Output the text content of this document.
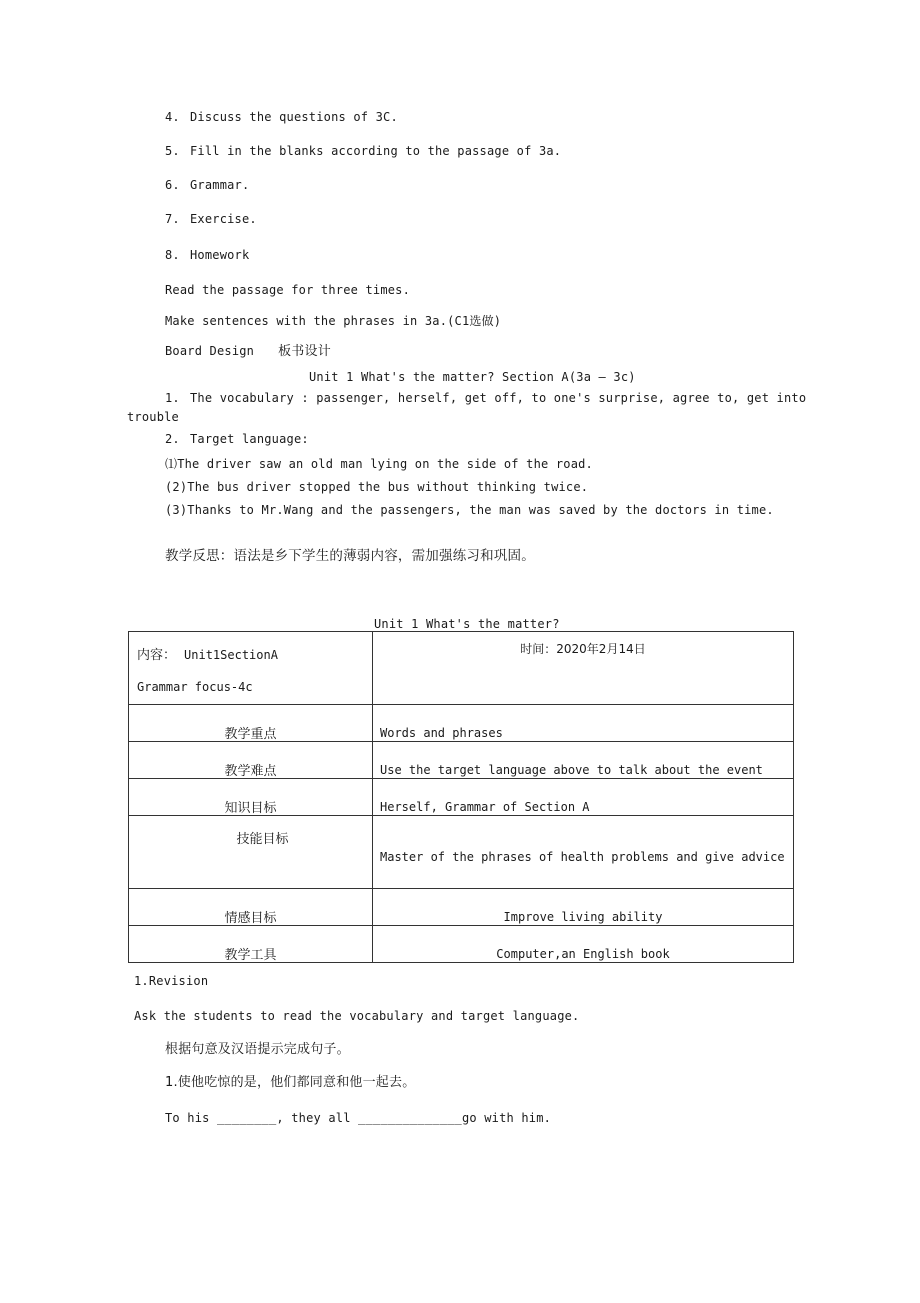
4. Discuss the questions of 3C.
5. Fill in the blanks according to the passage of 3a.
6. Grammar.
7. Exercise.
8. Homework
Read the passage for three times.
Make sentences with the phrases in 3a.(C1选做)
Board Design 板书设计
Unit 1 What's the matter? Section A(3a — 3c)
1. The vocabulary : passenger, herself, get off, to one's surprise, agree to, get into
trouble
2. Target language:
⑴The driver saw an old man lying on the side of the road.
(2)The bus driver stopped the bus without thinking twice.
(3)Thanks to Mr.Wang and the passengers, the man was saved by the doctors in time.
教学反思：语法是乡下学生的薄弱内容，需加强练习和巩固。
Unit 1 What's the matter?
内容： Unit1SectionA
Grammar focus-4c	时间：2020年2月14日

教学重点	Words and phrases

教学难点	Use the target language above to talk about the event

知识目标	Herself, Grammar of Section A

技能目标	Master of the phrases of health problems and give advice

情感目标	Improve living ability

教学工具	Computer,an English book
1.Revision
Ask the students to read the vocabulary and target language.
根据句意及汉语提示完成句子。
1.使他吃惊的是，他们都同意和他一起去。
To his ________, they all ______________go with him.
